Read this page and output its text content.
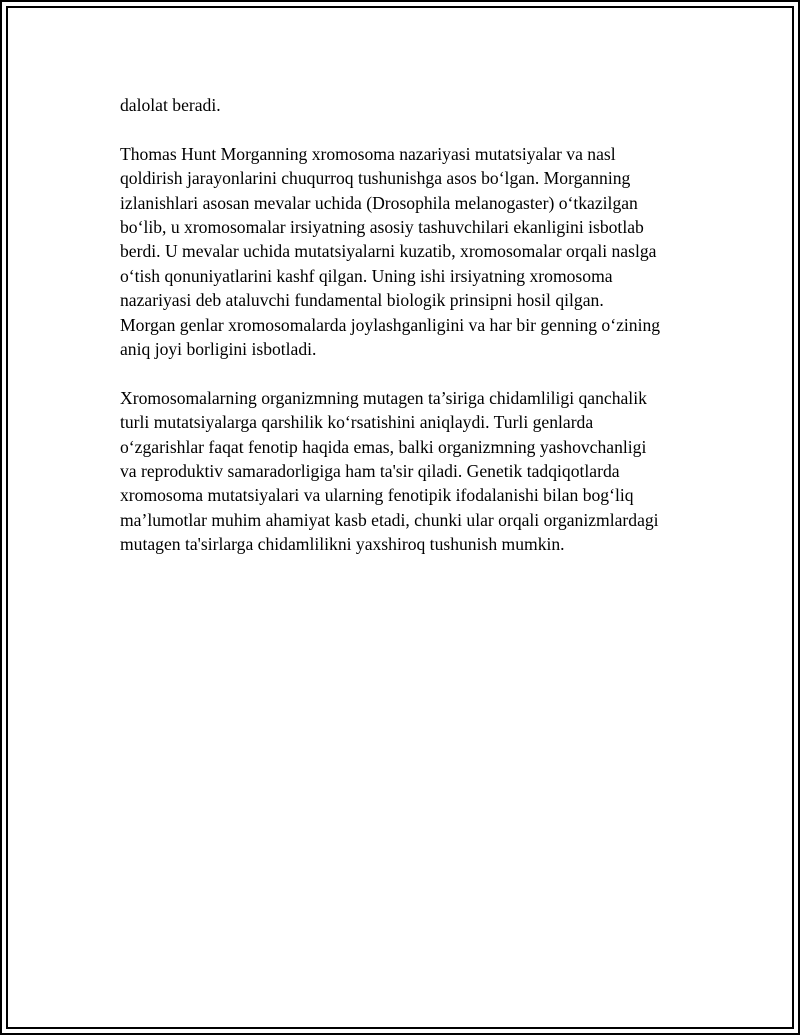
dalolat beradi.

Thomas Hunt Morganning xromosoma nazariyasi mutatsiyalar va nasl
qoldirish jarayonlarini chuqurroq tushunishga asos bo‘lgan. Morganning
izlanishlari asosan mevalar uchida (Drosophila melanogaster) o‘tkazilgan
bo‘lib, u xromosomalar irsiyatning asosiy tashuvchilari ekanligini isbotlab
berdi. U mevalar uchida mutatsiyalarni kuzatib, xromosomalar orqali naslga
o‘tish qonuniyatlarini kashf qilgan. Uning ishi irsiyatning xromosoma
nazariyasi deb ataluvchi fundamental biologik prinsipni hosil qilgan.
Morgan genlar xromosomalarda joylashganligini va har bir genning o‘zining
aniq joyi borligini isbotladi.

Xromosomalarning organizmning mutagen ta’siriga chidamliligi qanchalik
turli mutatsiyalarga qarshilik ko‘rsatishini aniqlaydi. Turli genlarda
o‘zgarishlar faqat fenotip haqida emas, balki organizmning yashovchanligi
va reproduktiv samaradorligiga ham ta'sir qiladi. Genetik tadqiqotlarda
xromosoma mutatsiyalari va ularning fenotipik ifodalanishi bilan bog‘liq
ma’lumotlar muhim ahamiyat kasb etadi, chunki ular orqali organizmlardagi
mutagen ta'sirlarga chidamlilikni yaxshiroq tushunish mumkin.
